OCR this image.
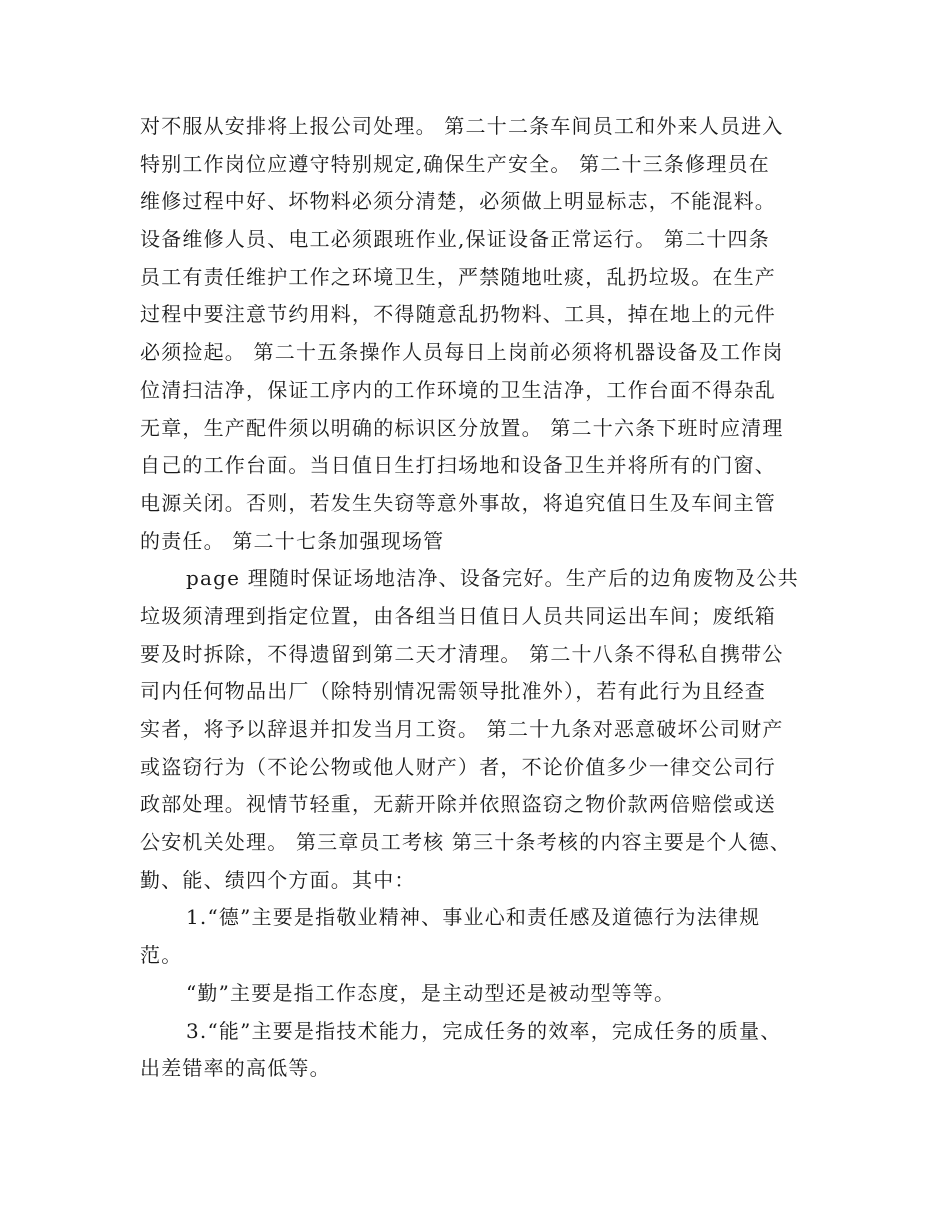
对不服从安排将上报公司处理。 第二十二条车间员工和外来人员进入
特别工作岗位应遵守特别规定,确保生产安全。 第二十三条修理员在
维修过程中好、坏物料必须分清楚，必须做上明显标志，不能混料。
设备维修人员、电工必须跟班作业,保证设备正常运行。 第二十四条
员工有责任维护工作之环境卫生，严禁随地吐痰，乱扔垃圾。在生产
过程中要注意节约用料，不得随意乱扔物料、工具，掉在地上的元件
必须捡起。 第二十五条操作人员每日上岗前必须将机器设备及工作岗
位清扫洁净，保证工序内的工作环境的卫生洁净，工作台面不得杂乱
无章，生产配件须以明确的标识区分放置。 第二十六条下班时应清理
自己的工作台面。当日值日生打扫场地和设备卫生并将所有的门窗、
电源关闭。否则，若发生失窃等意外事故，将追究值日生及车间主管
的责任。 第二十七条加强现场管
page 理随时保证场地洁净、设备完好。生产后的边角废物及公共
垃圾须清理到指定位置，由各组当日值日人员共同运出车间；废纸箱
要及时拆除，不得遗留到第二天才清理。 第二十八条不得私自携带公
司内任何物品出厂（除特别情况需领导批准外），若有此行为且经查
实者，将予以辞退并扣发当月工资。 第二十九条对恶意破坏公司财产
或盗窃行为（不论公物或他人财产）者，不论价值多少一律交公司行
政部处理。视情节轻重，无薪开除并依照盗窃之物价款两倍赔偿或送
公安机关处理。 第三章员工考核 第三十条考核的内容主要是个人德、
勤、能、绩四个方面。其中：
1.“德”主要是指敬业精神、事业心和责任感及道德行为法律规
范。
“勤”主要是指工作态度，是主动型还是被动型等等。
3.“能”主要是指技术能力，完成任务的效率，完成任务的质量、
出差错率的高低等。
